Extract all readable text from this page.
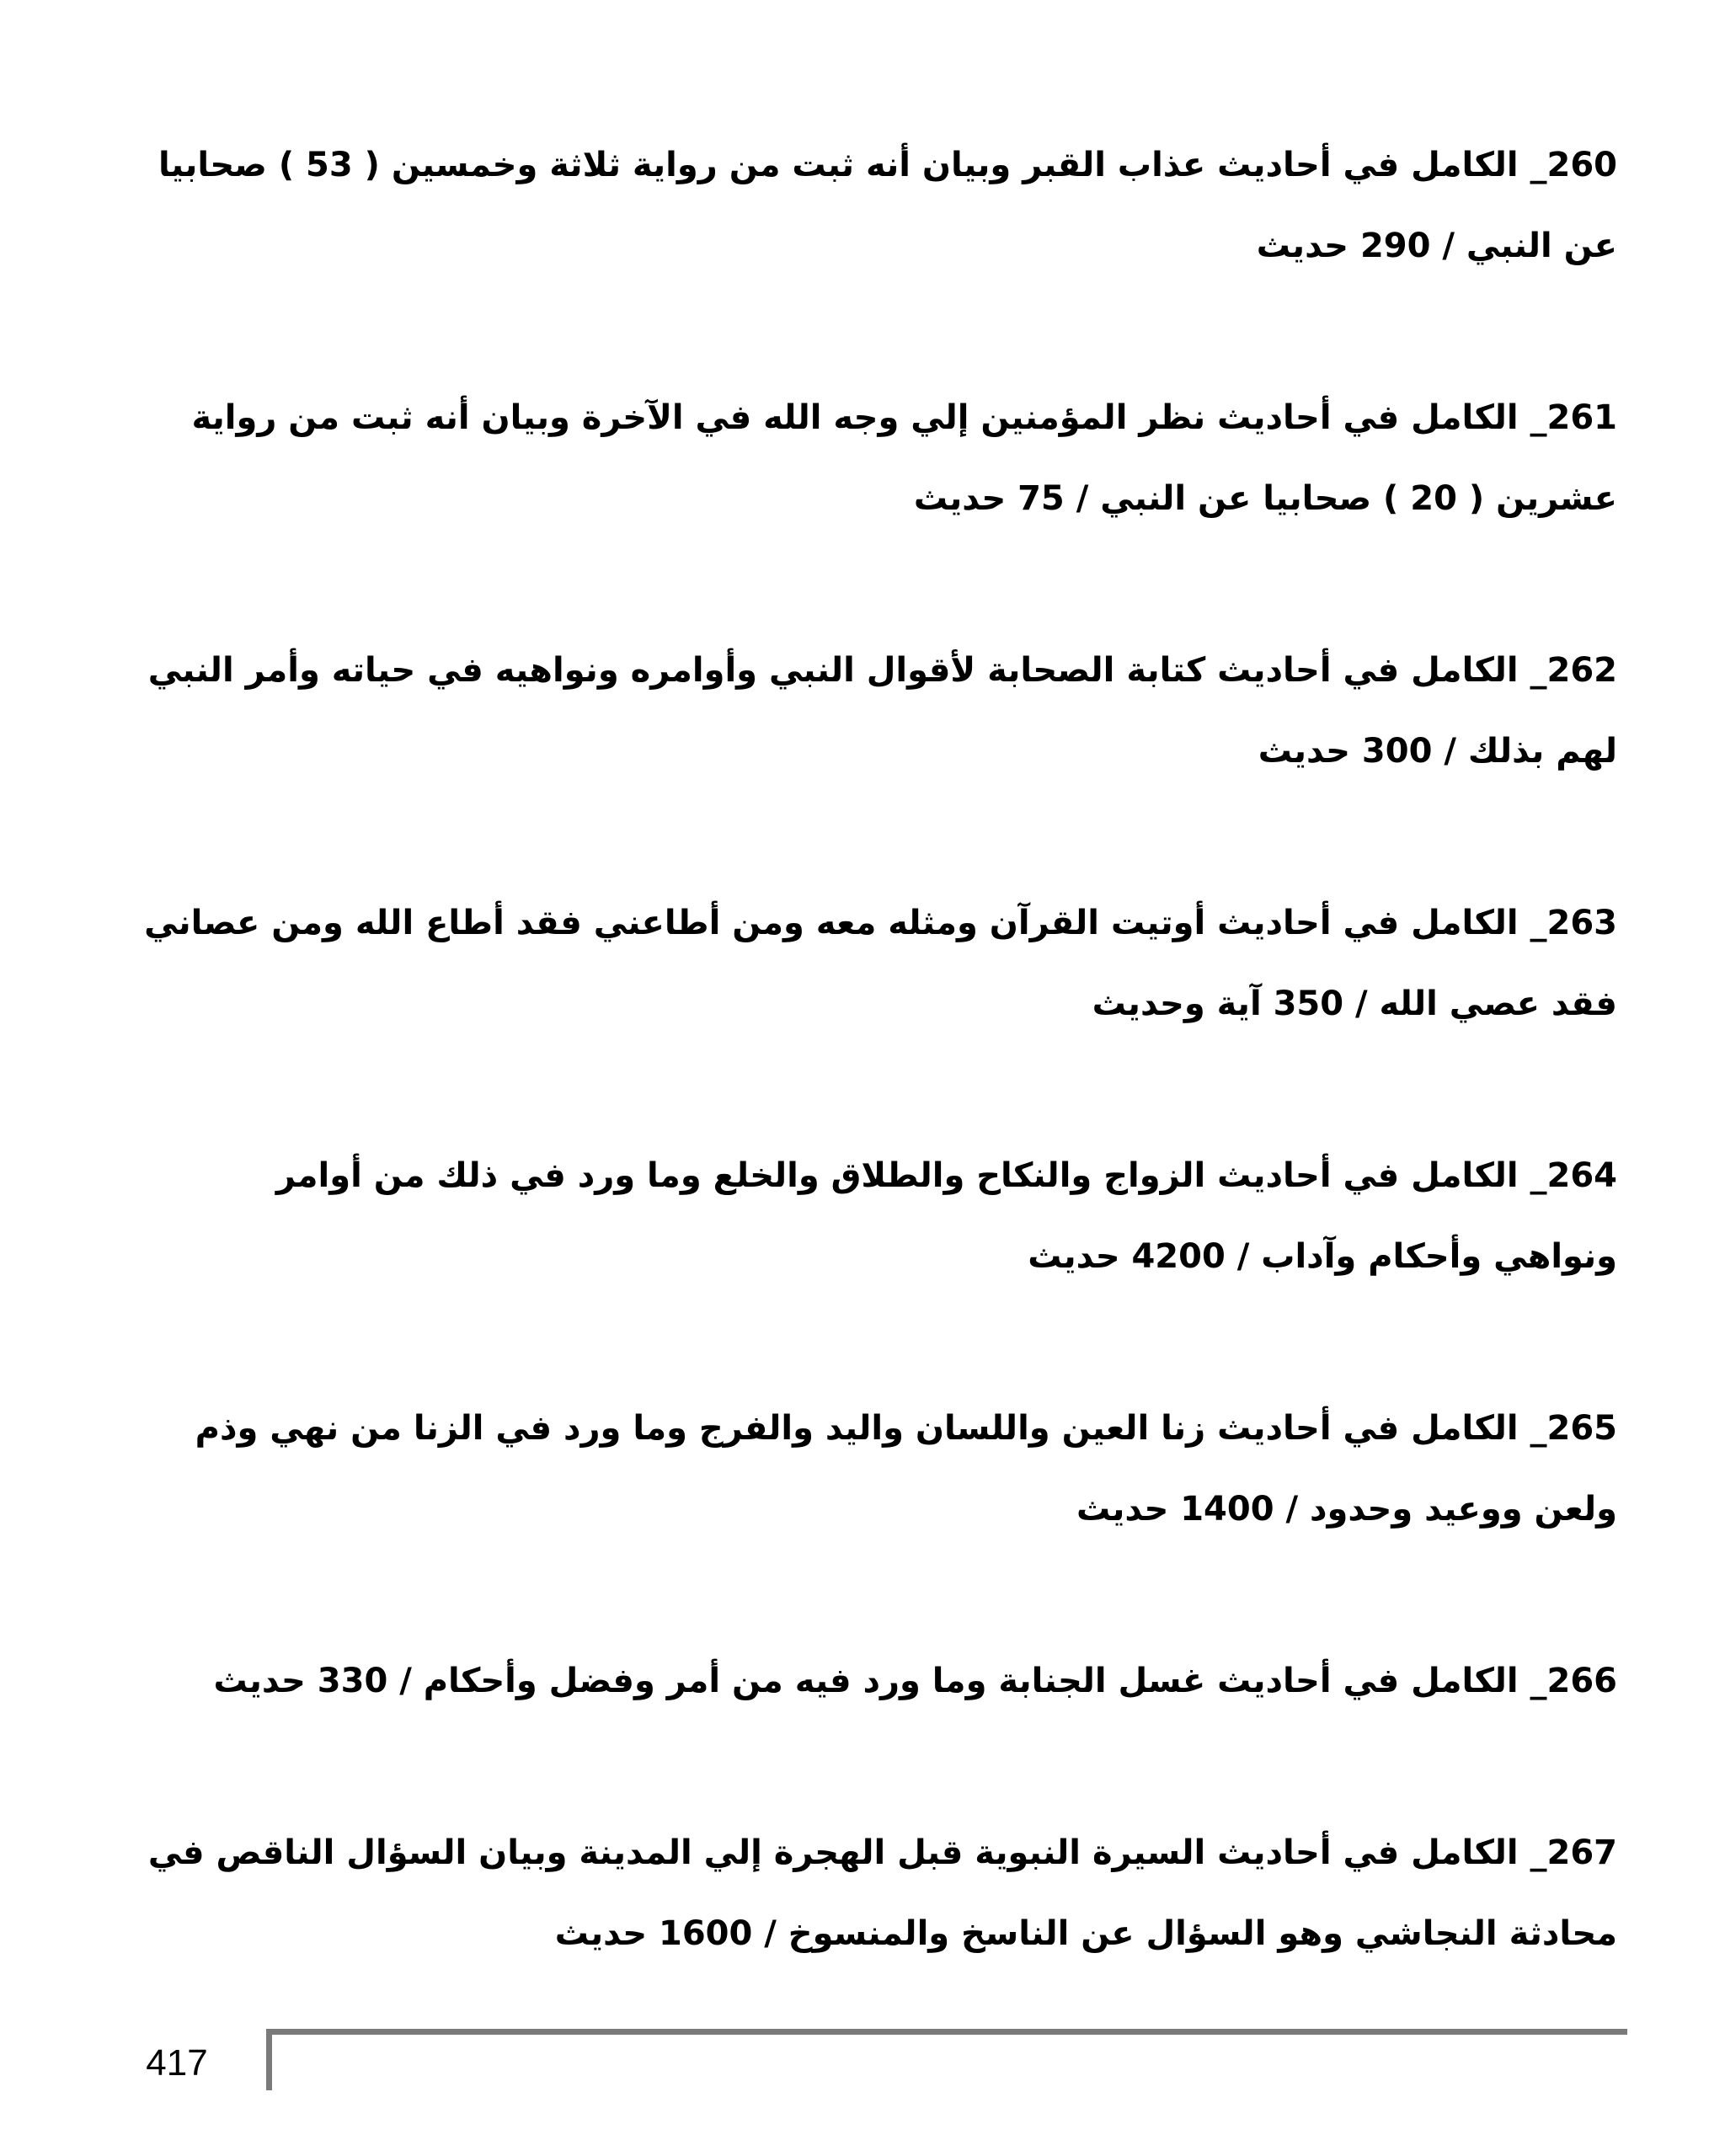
260_ الكامل في أحاديث عذاب القبر وبيان أنه ثبت من رواية ثلاثة وخمسين ( 53 ) صحابيا عن النبي / 290 حديث

261_ الكامل في أحاديث نظر المؤمنين إلي وجه الله في الآخرة وبيان أنه ثبت من رواية عشرين ( 20 ) صحابيا عن النبي / 75 حديث

262_ الكامل في أحاديث كتابة الصحابة لأقوال النبي وأوامره ونواهيه في حياته وأمر النبي لهم بذلك / 300 حديث

263_ الكامل في أحاديث أوتيت القرآن ومثله معه ومن أطاعني فقد أطاع الله ومن عصاني فقد عصي الله / 350 آية وحديث

264_ الكامل في أحاديث الزواج والنكاح والطلاق والخلع وما ورد في ذلك من أوامر ونواهي وأحكام وآداب / 4200 حديث

265_ الكامل في أحاديث زنا العين واللسان واليد والفرج وما ورد في الزنا من نهي وذم ولعن ووعيد وحدود / 1400 حديث

266_ الكامل في أحاديث غسل الجنابة وما ورد فيه من أمر وفضل وأحكام / 330 حديث

267_ الكامل في أحاديث السيرة النبوية قبل الهجرة إلي المدينة وبيان السؤال الناقص في محادثة النجاشي وهو السؤال عن الناسخ والمنسوخ / 1600 حديث

417
